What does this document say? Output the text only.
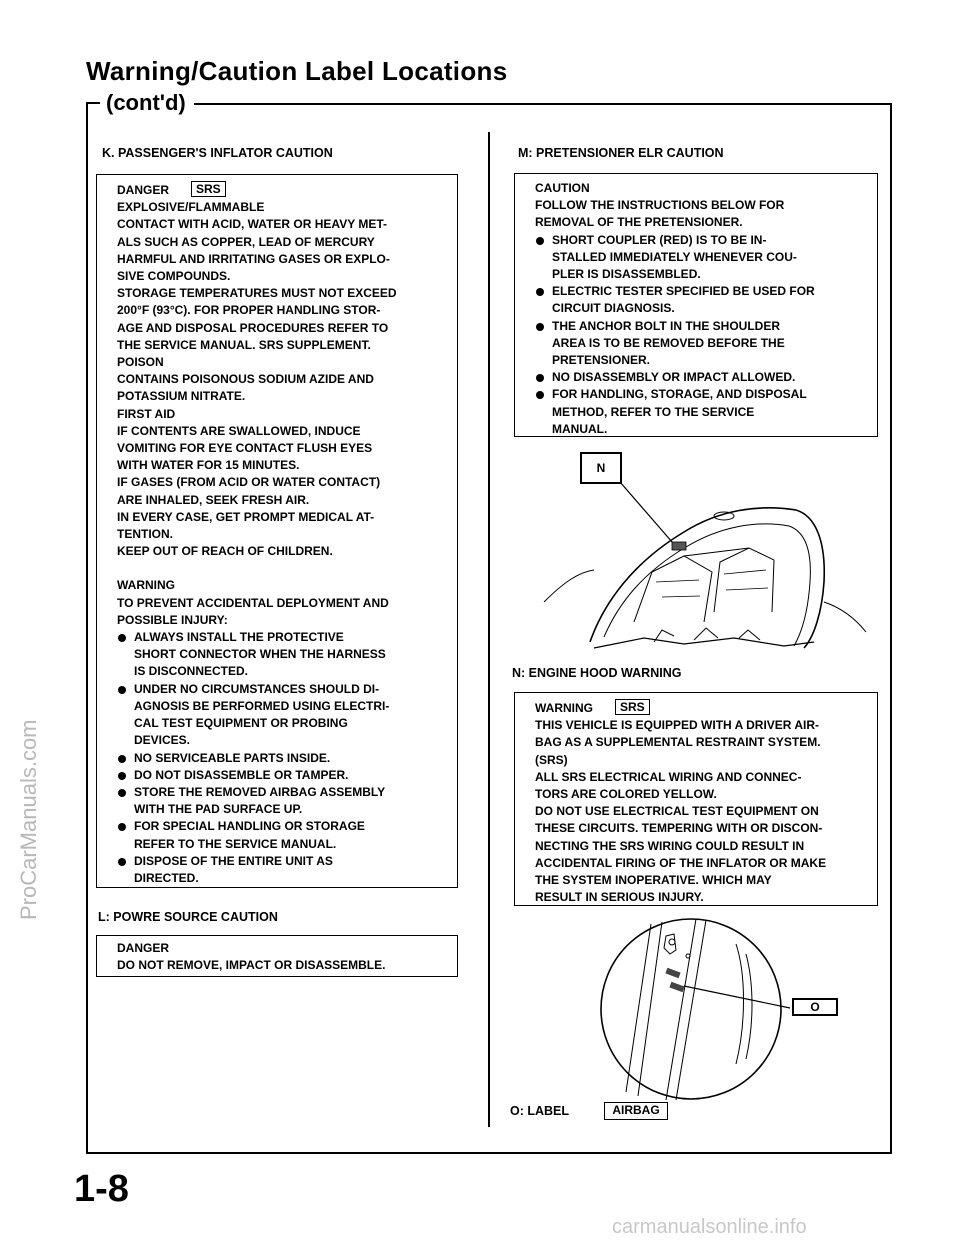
Warning/Caution Label Locations
(cont'd)
K. PASSENGER'S INFLATOR CAUTION

DANGER SRS

EXPLOSIVE/FLAMMABLE

CONTACT WITH ACID, WATER OR HEAVY MET-

ALS SUCH AS COPPER, LEAD OF MERCURY

HARMFUL AND IRRITATING GASES OR EXPLO-

SIVE COMPOUNDS.

STORAGE TEMPERATURES MUST NOT EXCEED

200°F (93°C). FOR PROPER HANDLING STOR-

AGE AND DISPOSAL PROCEDURES REFER TO

THE SERVICE MANUAL. SRS SUPPLEMENT.

POISON

CONTAINS POISONOUS SODIUM AZIDE AND

POTASSIUM NITRATE.

FIRST AID

IF CONTENTS ARE SWALLOWED, INDUCE

VOMITING FOR EYE CONTACT FLUSH EYES

WITH WATER FOR 15 MINUTES.

IF GASES (FROM ACID OR WATER CONTACT)

ARE INHALED, SEEK FRESH AIR.

IN EVERY CASE, GET PROMPT MEDICAL AT-

TENTION.

KEEP OUT OF REACH OF CHILDREN.

WARNING

TO PREVENT ACCIDENTAL DEPLOYMENT AND

POSSIBLE INJURY:

ALWAYS INSTALL THE PROTECTIVE

SHORT CONNECTOR WHEN THE HARNESS

IS DISCONNECTED.

UNDER NO CIRCUMSTANCES SHOULD DI-

AGNOSIS BE PERFORMED USING ELECTRI-

CAL TEST EQUIPMENT OR PROBING

DEVICES.

NO SERVICEABLE PARTS INSIDE.

DO NOT DISASSEMBLE OR TAMPER.

STORE THE REMOVED AIRBAG ASSEMBLY

WITH THE PAD SURFACE UP.

FOR SPECIAL HANDLING OR STORAGE

REFER TO THE SERVICE MANUAL.

DISPOSE OF THE ENTIRE UNIT AS

DIRECTED.

L: POWRE SOURCE CAUTION

DANGER

DO NOT REMOVE, IMPACT OR DISASSEMBLE.

M: PRETENSIONER ELR CAUTION

CAUTION

FOLLOW THE INSTRUCTIONS BELOW FOR

REMOVAL OF THE PRETENSIONER.

SHORT COUPLER (RED) IS TO BE IN-

STALLED IMMEDIATELY WHENEVER COU-

PLER IS DISASSEMBLED.

ELECTRIC TESTER SPECIFIED BE USED FOR

CIRCUIT DIAGNOSIS.

THE ANCHOR BOLT IN THE SHOULDER

AREA IS TO BE REMOVED BEFORE THE

PRETENSIONER.

NO DISASSEMBLY OR IMPACT ALLOWED.

FOR HANDLING, STORAGE, AND DISPOSAL

METHOD, REFER TO THE SERVICE

MANUAL.

N
N: ENGINE HOOD WARNING

WARNING SRS

THIS VEHICLE IS EQUIPPED WITH A DRIVER AIR-

BAG AS A SUPPLEMENTAL RESTRAINT SYSTEM.

(SRS)

ALL SRS ELECTRICAL WIRING AND CONNEC-

TORS ARE COLORED YELLOW.

DO NOT USE ELECTRICAL TEST EQUIPMENT ON

THESE CIRCUITS. TEMPERING WITH OR DISCON-

NECTING THE SRS WIRING COULD RESULT IN

ACCIDENTAL FIRING OF THE INFLATOR OR MAKE

THE SYSTEM INOPERATIVE. WHICH MAY

RESULT IN SERIOUS INJURY.

O
O: LABEL	AIRBAG
1-8
ProCarManuals.com
carmanualsonline.info
